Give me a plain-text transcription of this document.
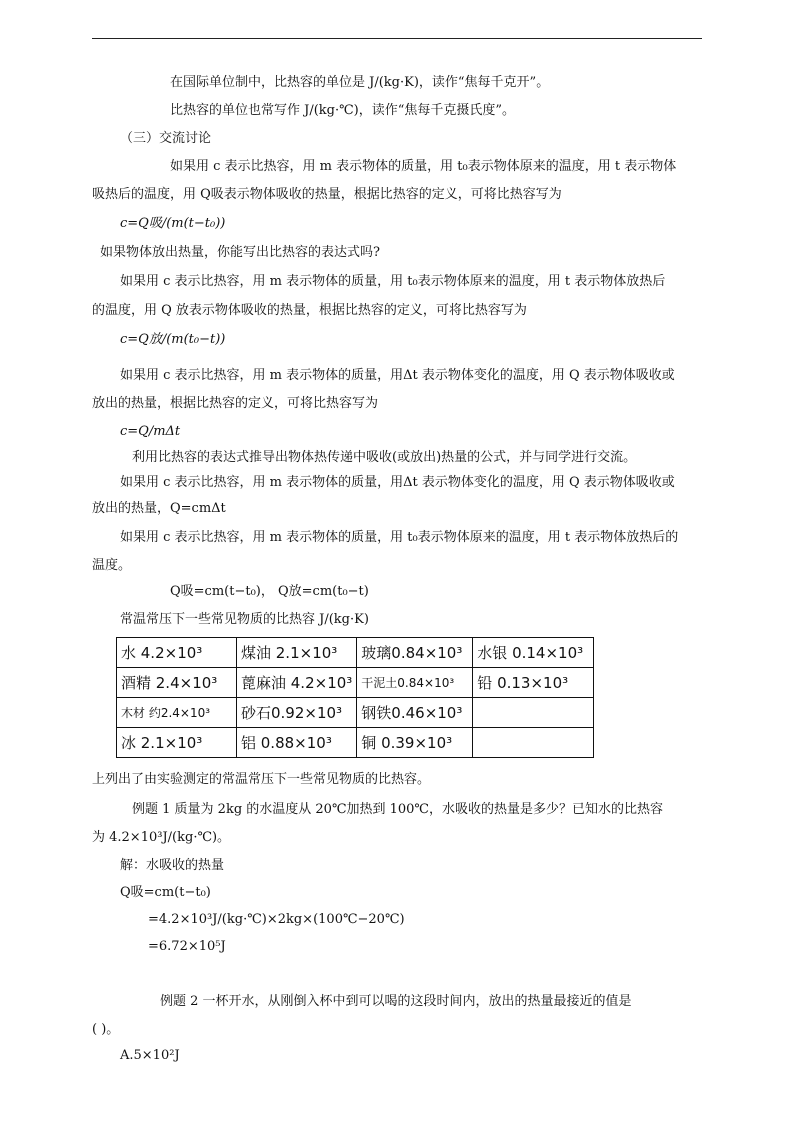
在国际单位制中，比热容的单位是 J/(kg·K)，读作“焦每千克开”。
比热容的单位也常写作 J/(kg·℃)，读作“焦每千克摄氏度”。
（三）交流讨论
如果用 c 表示比热容，用 m 表示物体的质量，用 t₀表示物体原来的温度，用 t 表示物体
吸热后的温度，用 Q吸表示物体吸收的热量，根据比热容的定义，可将比热容写为
c=Q吸/(m(t−t₀))
如果物体放出热量，你能写出比热容的表达式吗?
如果用 c 表示比热容，用 m 表示物体的质量，用 t₀表示物体原来的温度，用 t 表示物体放热后
的温度，用 Q 放表示物体吸收的热量，根据比热容的定义，可将比热容写为
c=Q放/(m(t₀−t))
如果用 c 表示比热容，用 m 表示物体的质量，用Δt 表示物体变化的温度，用 Q 表示物体吸收或
放出的热量，根据比热容的定义，可将比热容写为
c=Q/mΔt
利用比热容的表达式推导出物体热传递中吸收(或放出)热量的公式，并与同学进行交流。
如果用 c 表示比热容，用 m 表示物体的质量，用Δt 表示物体变化的温度，用 Q 表示物体吸收或
放出的热量，Q=cmΔt
如果用 c 表示比热容，用 m 表示物体的质量，用 t₀表示物体原来的温度，用 t 表示物体放热后的
温度。
Q吸=cm(t−t₀)， Q放=cm(t₀−t)
常温常压下一些常见物质的比热容 J/(kg·K)
水 4.2×10³	煤油 2.1×10³	玻璃0.84×10³	水银 0.14×10³
酒精 2.4×10³	蓖麻油 4.2×10³	干泥土0.84×10³	铅 0.13×10³
木材 约2.4×10³	砂石0.92×10³	钢铁0.46×10³	
冰 2.1×10³	铝 0.88×10³	铜 0.39×10³	
上列出了由实验测定的常温常压下一些常见物质的比热容。
例题 1 质量为 2kg 的水温度从 20℃加热到 100℃，水吸收的热量是多少？已知水的比热容
为 4.2×10³J/(kg·℃)。
解：水吸收的热量
Q吸=cm(t−t₀)
=4.2×10³J/(kg·℃)×2kg×(100℃−20℃)
=6.72×10⁵J
例题 2 一杯开水，从刚倒入杯中到可以喝的这段时间内，放出的热量最接近的值是
( )。
A.5×10²J
